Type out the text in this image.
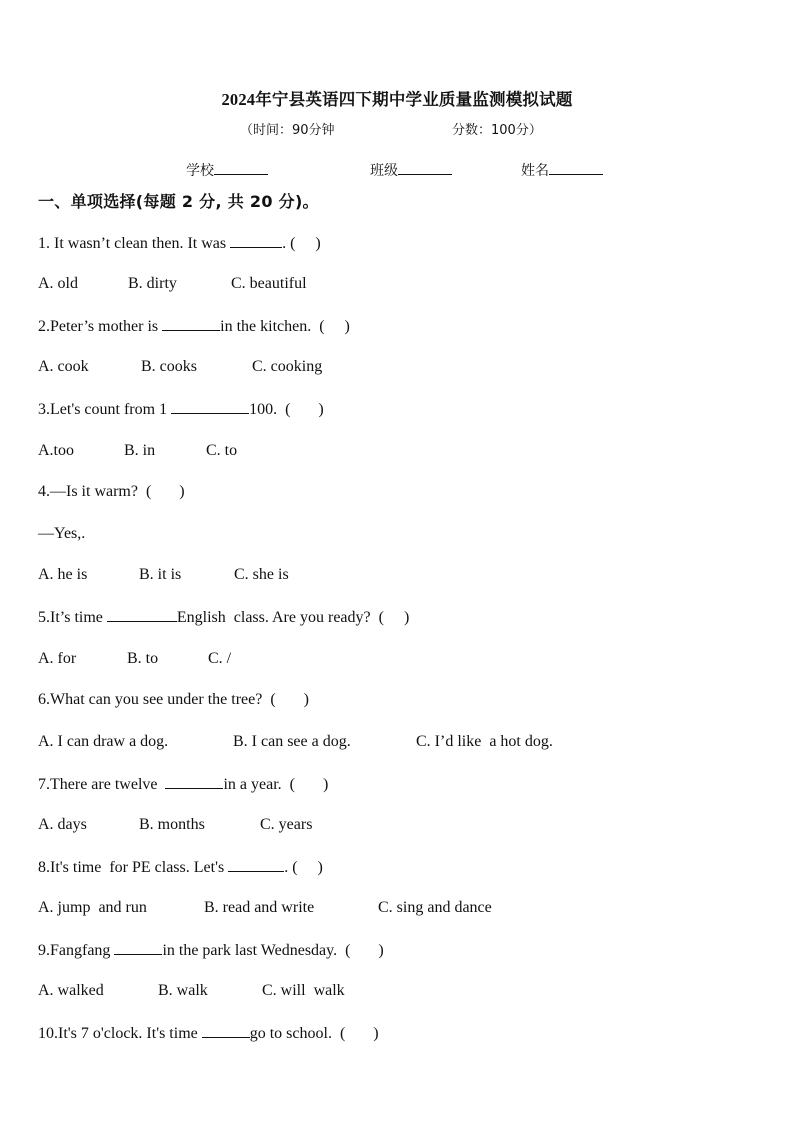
2024年宁县英语四下期中学业质量监测模拟试题
（时间：90分钟	分数：100分）
学校	班级	姓名
一、单项选择(每题 2 分, 共 20 分)。
1. It wasn’t clean then. It was	. (     )
A. old	B. dirty	C. beautiful
2.Peter’s mother is	in the kitchen.  (     )
A. cook	B. cooks	C. cooking
3.Let's count from 1	100.  (       )
A.too	B. in	C. to
4.—Is it warm?  (       )
—Yes,.
A. he is	B. it is	C. she is
5.It’s time	English  class. Are you ready?  (     )
A. for	B. to	C. /
6.What can you see under the tree?  (       )
A. I can draw a dog.	B. I can see a dog.	C. I’d like  a hot dog.
7.There are twelve	in a year.  (       )
A. days	B. months	C. years
8.It's time  for PE class. Let's	. (     )
A. jump  and run	B. read and write	C. sing and dance
9.Fangfang	in the park last Wednesday.  (       )
A. walked	B. walk	C. will  walk
10.It's 7 o'clock. It's time	go to school.  (       )
